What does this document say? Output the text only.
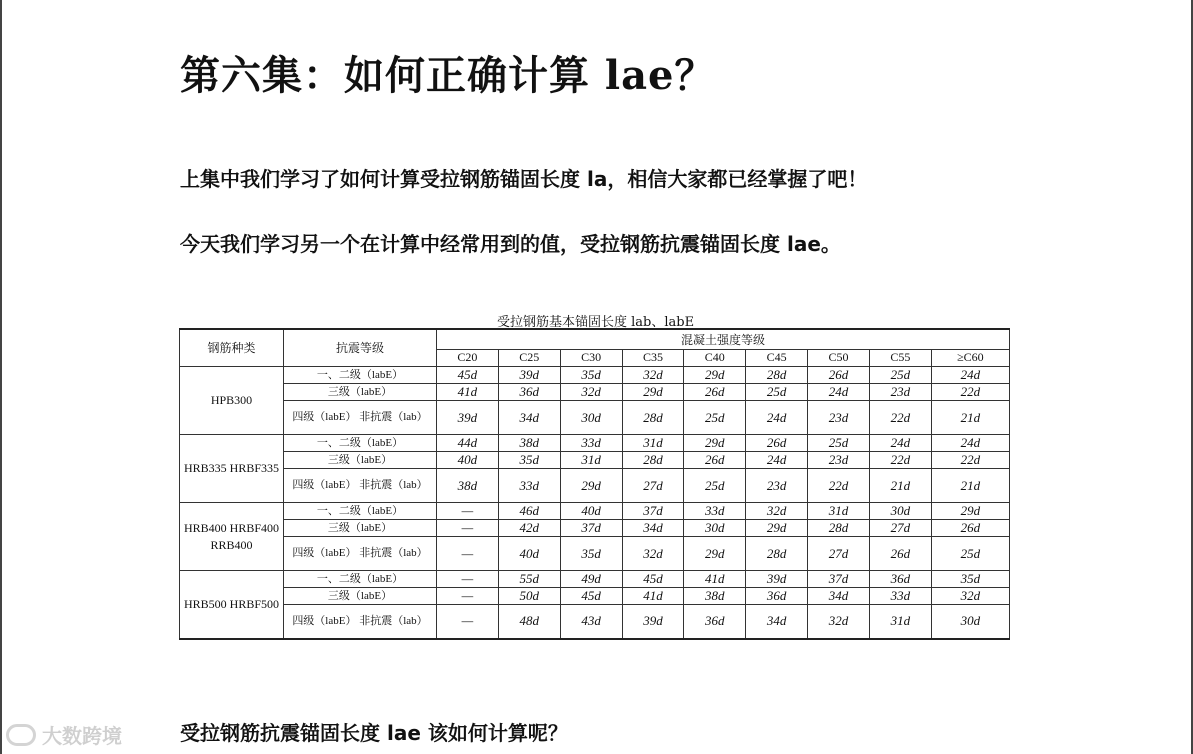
第六集：如何正确计算 lae？
上集中我们学习了如何计算受拉钢筋锚固长度 la，相信大家都已经掌握了吧！
今天我们学习另一个在计算中经常用到的值，受拉钢筋抗震锚固长度 lae。
受拉钢筋基本锚固长度 lab、labE
钢筋种类	抗震等级	混凝土强度等级								
		C20	C25	C30	C35	C40	C45	C50	C55	≥C60
HPB300	一、二级（labE）	45d	39d	35d	32d	29d	28d	26d	25d	24d
	三级（labE）	41d	36d	32d	29d	26d	25d	24d	23d	22d
	四级（labE） 非抗震（lab）	39d	34d	30d	28d	25d	24d	23d	22d	21d
HRB335 HRBF335	一、二级（labE）	44d	38d	33d	31d	29d	26d	25d	24d	24d
	三级（labE）	40d	35d	31d	28d	26d	24d	23d	22d	22d
	四级（labE） 非抗震（lab）	38d	33d	29d	27d	25d	23d	22d	21d	21d
HRB400 HRBF400 RRB400	一、二级（labE）	—	46d	40d	37d	33d	32d	31d	30d	29d
	三级（labE）	—	42d	37d	34d	30d	29d	28d	27d	26d
	四级（labE） 非抗震（lab）	—	40d	35d	32d	29d	28d	27d	26d	25d
HRB500 HRBF500	一、二级（labE）	—	55d	49d	45d	41d	39d	37d	36d	35d
	三级（labE）	—	50d	45d	41d	38d	36d	34d	33d	32d
	四级（labE） 非抗震（lab）	—	48d	43d	39d	36d	34d	32d	31d	30d
受拉钢筋抗震锚固长度 lae 该如何计算呢？
大数跨境
